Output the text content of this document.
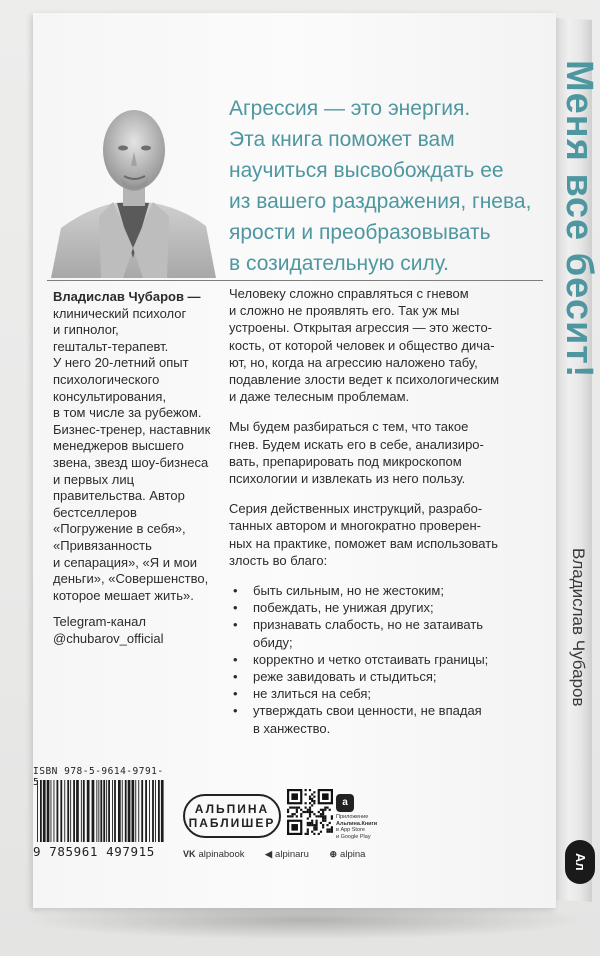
Меня все бесит!
Владислав Чубаров
Ал
Агрессия — это энергия.
Эта книга поможет вам
научиться высвобождать ее
из вашего раздражения, гнева,
ярости и преобразовывать
в созидательную силу.
Владислав Чубаров —
клинический психолог
и гипнолог,
гештальт-терапевт.
У него 20-летний опыт
психологического
консультирования,
в том числе за рубежом.
Бизнес-тренер, наставник
менеджеров высшего
звена, звезд шоу-бизнеса
и первых лиц
правительства. Автор
бестселлеров
«Погружение в себя»,
«Привязанность
и сепарация», «Я и мои
деньги», «Совершенство,
которое мешает жить».
Telegram-канал
@chubarov_official
Человеку сложно справляться с гневом
и сложно не проявлять его. Так уж мы
устроены. Открытая агрессия — это жесто-
кость, от которой человек и общество дича-
ют, но, когда на агрессию наложено табу,
подавление злости ведет к психологическим
и даже телесным проблемам.
Мы будем разбираться с тем, что такое
гнев. Будем искать его в себе, анализиро-
вать, препарировать под микроскопом
психологии и извлекать из него пользу.
Серия действенных инструкций, разрабо-
танных автором и многократно проверен-
ных на практике, поможет вам использовать
злость во благо:
• быть сильным, но не жестоким;
• побеждать, не унижая других;
• признавать слабость, но не затаивать
обиду;
• корректно и четко отстаивать границы;
• реже завидовать и стыдиться;
• не злиться на себя;
• утверждать свои ценности, не впадая
в ханжество.
ISBN 978-5-9614-9791-5
9 785961 497915
АЛЬПИНА
ПАБЛИШЕР
a
Приложение
Альпина.Книги
в App Store
и Google Play
VK alpinabook ◀ alpinaru ⊕ alpina
